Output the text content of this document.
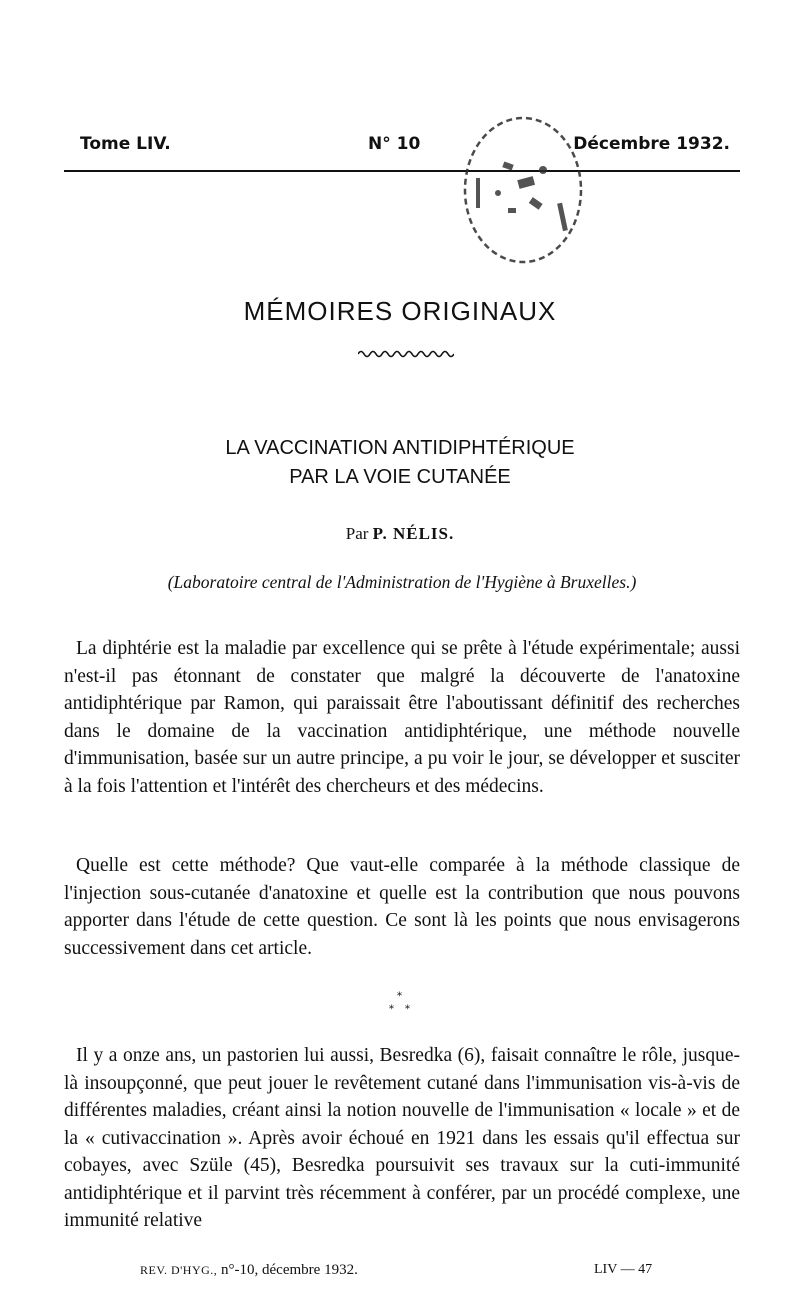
Tome LIV.	N° 10	Décembre 1932.
MÉMOIRES ORIGINAUX
LA VACCINATION ANTIDIPHTÉRIQUE
PAR LA VOIE CUTANÉE
Par P. NÉLIS.
(Laboratoire central de l'Administration de l'Hygiène à Bruxelles.)

La diphtérie est la maladie par excellence qui se prête à l'étude expérimentale; aussi n'est-il pas étonnant de constater que malgré la découverte de l'anatoxine antidiphtérique par Ramon, qui paraissait être l'aboutissant définitif des recherches dans le domaine de la vaccination antidiphtérique, une méthode nouvelle d'immunisation, basée sur un autre principe, a pu voir le jour, se développer et susciter à la fois l'attention et l'intérêt des chercheurs et des médecins.

Quelle est cette méthode? Que vaut-elle comparée à la méthode classique de l'injection sous-cutanée d'anatoxine et quelle est la contribution que nous pouvons apporter dans l'étude de cette question. Ce sont là les points que nous envisagerons successivement dans cet article.

*
* *

Il y a onze ans, un pastorien lui aussi, Besredka (6), faisait connaître le rôle, jusque-là insoupçonné, que peut jouer le revêtement cutané dans l'immunisation vis-à-vis de différentes maladies, créant ainsi la notion nouvelle de l'immunisation « locale » et de la « cutivaccination ». Après avoir échoué en 1921 dans les essais qu'il effectua sur cobayes, avec Szüle (45), Besredka poursuivit ses travaux sur la cuti-immunité antidiphtérique et il parvint très récemment à conférer, par un procédé complexe, une immunité relative

REV. D'HYG., n°-10, décembre 1932.	LIV — 47
